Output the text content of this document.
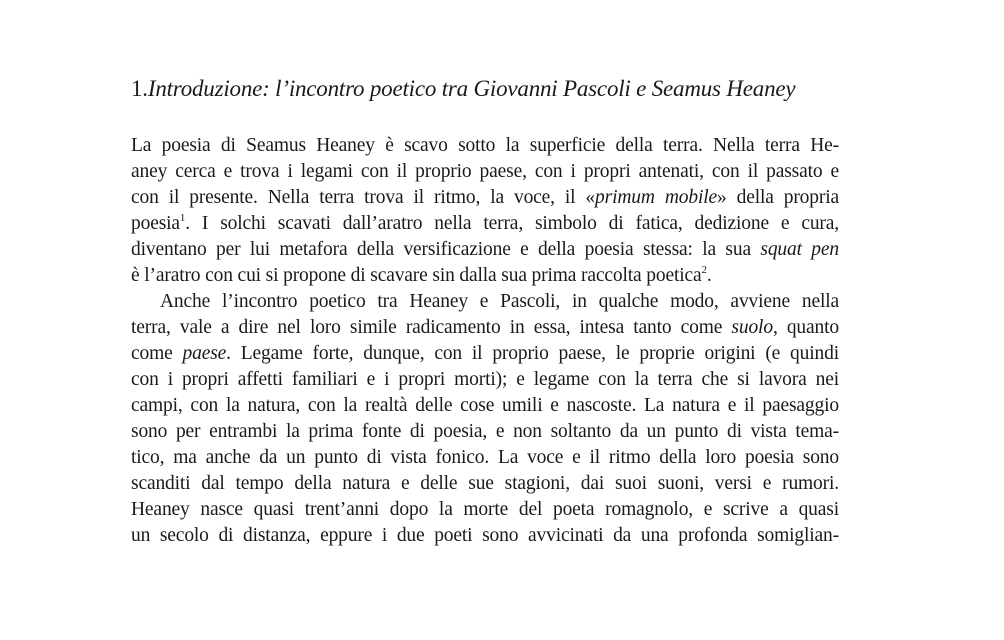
1.Introduzione: l’incontro poetico tra Giovanni Pascoli e Seamus Heaney
La poesia di Seamus Heaney è scavo sotto la superficie della terra. Nella terra He-
aney cerca e trova i legami con il proprio paese, con i propri antenati, con il passato e
con il presente. Nella terra trova il ritmo, la voce, il «primum mobile» della propria
poesia$^1$. I solchi scavati dall’aratro nella terra, simbolo di fatica, dedizione e cura,
diventano per lui metafora della versificazione e della poesia stessa: la sua squat pen
è l’aratro con cui si propone di scavare sin dalla sua prima raccolta poetica$^2$.
Anche l’incontro poetico tra Heaney e Pascoli, in qualche modo, avviene nella
terra, vale a dire nel loro simile radicamento in essa, intesa tanto come suolo, quanto
come paese. Legame forte, dunque, con il proprio paese, le proprie origini (e quindi
con i propri affetti familiari e i propri morti); e legame con la terra che si lavora nei
campi, con la natura, con la realtà delle cose umili e nascoste. La natura e il paesaggio
sono per entrambi la prima fonte di poesia, e non soltanto da un punto di vista tema-
tico, ma anche da un punto di vista fonico. La voce e il ritmo della loro poesia sono
scanditi dal tempo della natura e delle sue stagioni, dai suoi suoni, versi e rumori.
Heaney nasce quasi trent’anni dopo la morte del poeta romagnolo, e scrive a quasi
un secolo di distanza, eppure i due poeti sono avvicinati da una profonda somiglian-
